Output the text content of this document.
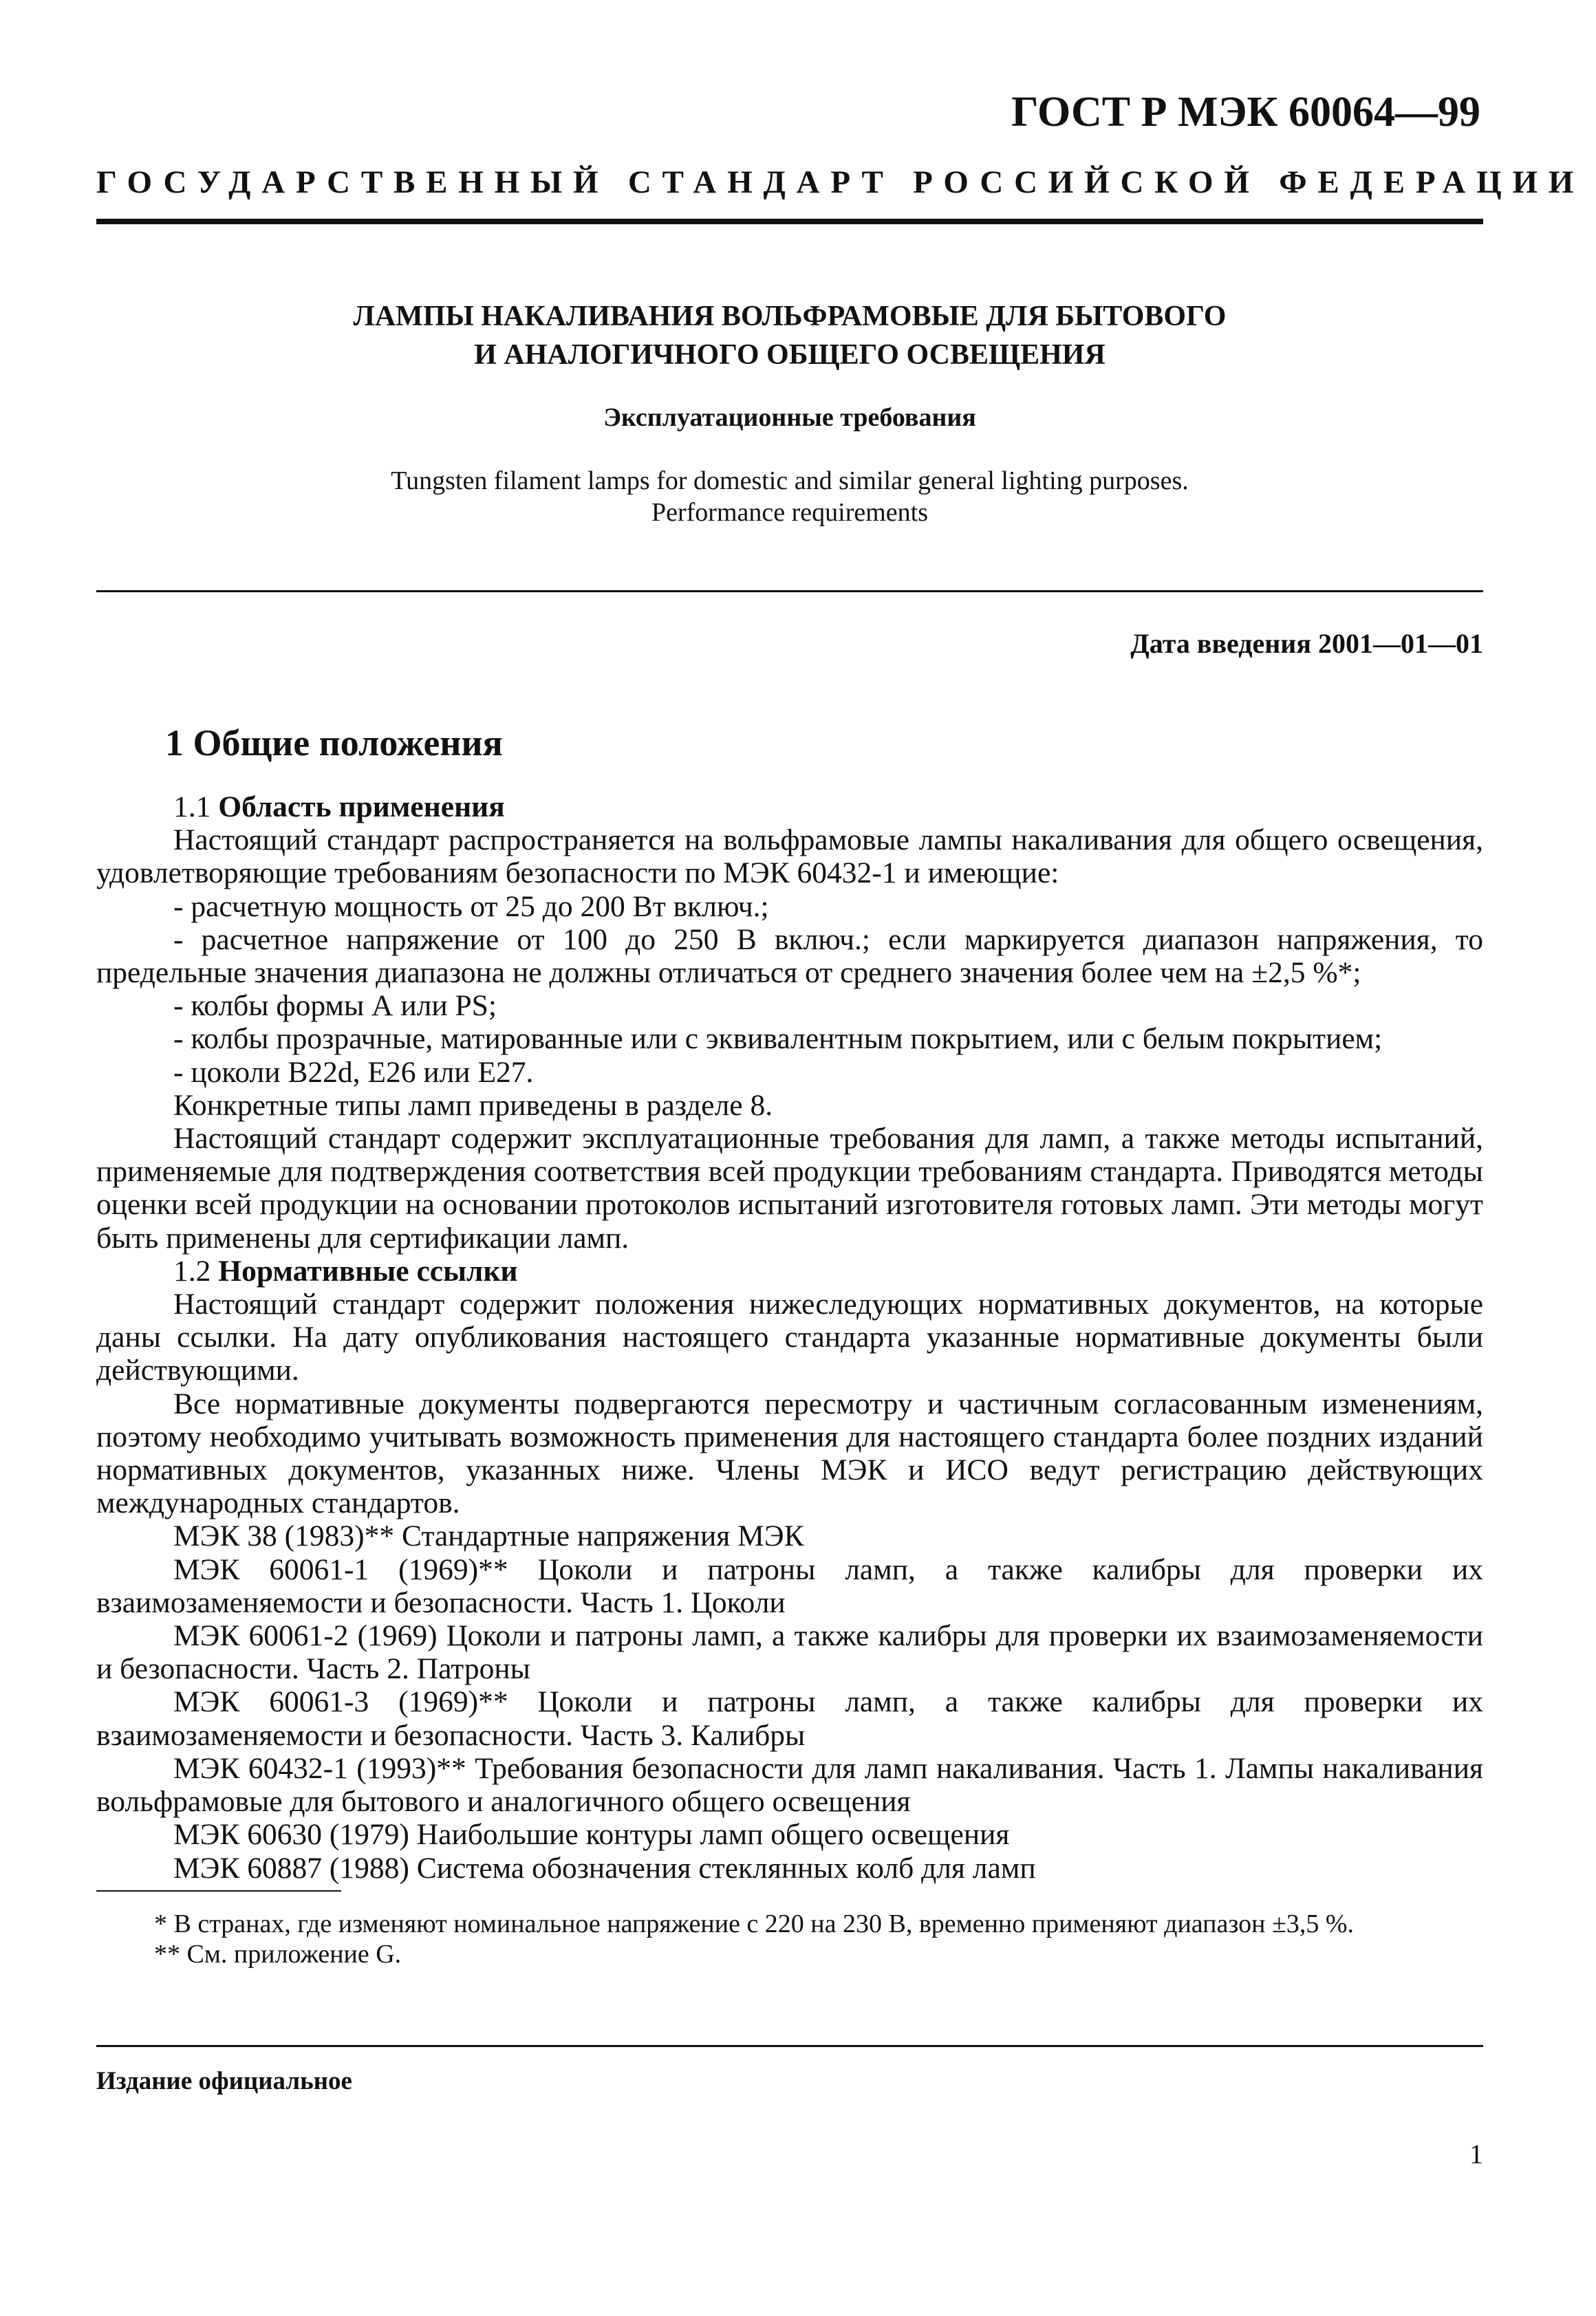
ГОСТ Р МЭК 60064—99
ГОСУДАРСТВЕННЫЙ СТАНДАРТ РОССИЙСКОЙ ФЕДЕРАЦИИ
ЛАМПЫ НАКАЛИВАНИЯ ВОЛЬФРАМОВЫЕ ДЛЯ БЫТОВОГО
И АНАЛОГИЧНОГО ОБЩЕГО ОСВЕЩЕНИЯ
Эксплуатационные требования
Tungsten filament lamps for domestic and similar general lighting purposes.
Performance requirements
Дата введения 2001—01—01
1 Общие положения

1.1 Область применения

Настоящий стандарт распространяется на вольфрамовые лампы накаливания для общего освещения, удовлетворяющие требованиям безопасности по МЭК 60432-1 и имеющие:

- расчетную мощность от 25 до 200 Вт включ.;

- расчетное напряжение от 100 до 250 В включ.; если маркируется диапазон напряжения, то предельные значения диапазона не должны отличаться от среднего значения более чем на ±2,5 %*;

- колбы формы А или PS;

- колбы прозрачные, матированные или с эквивалентным покрытием, или с белым покрытием;

- цоколи B22d, Е26 или Е27.

Конкретные типы ламп приведены в разделе 8.

Настоящий стандарт содержит эксплуатационные требования для ламп, а также методы испытаний, применяемые для подтверждения соответствия всей продукции требованиям стандарта. Приводятся методы оценки всей продукции на основании протоколов испытаний изготовителя готовых ламп. Эти методы могут быть применены для сертификации ламп.

1.2 Нормативные ссылки

Настоящий стандарт содержит положения нижеследующих нормативных документов, на которые даны ссылки. На дату опубликования настоящего стандарта указанные нормативные документы были действующими.

Все нормативные документы подвергаются пересмотру и частичным согласованным изменениям, поэтому необходимо учитывать возможность применения для настоящего стандарта более поздних изданий нормативных документов, указанных ниже. Члены МЭК и ИСО ведут регистрацию действующих международных стандартов.

МЭК 38 (1983)** Стандартные напряжения МЭК

МЭК 60061-1 (1969)** Цоколи и патроны ламп, а также калибры для проверки их взаимозаменяемости и безопасности. Часть 1. Цоколи

МЭК 60061-2 (1969) Цоколи и патроны ламп, а также калибры для проверки их взаимозаменяемости и безопасности. Часть 2. Патроны

МЭК 60061-3 (1969)** Цоколи и патроны ламп, а также калибры для проверки их взаимозаменяемости и безопасности. Часть 3. Калибры

МЭК 60432-1 (1993)** Требования безопасности для ламп накаливания. Часть 1. Лампы накаливания вольфрамовые для бытового и аналогичного общего освещения

МЭК 60630 (1979) Наибольшие контуры ламп общего освещения

МЭК 60887 (1988) Система обозначения стеклянных колб для ламп

* В странах, где изменяют номинальное напряжение с 220 на 230 В, временно применяют диапазон ±3,5 %.

** См. приложение G.

Издание официальное
1
